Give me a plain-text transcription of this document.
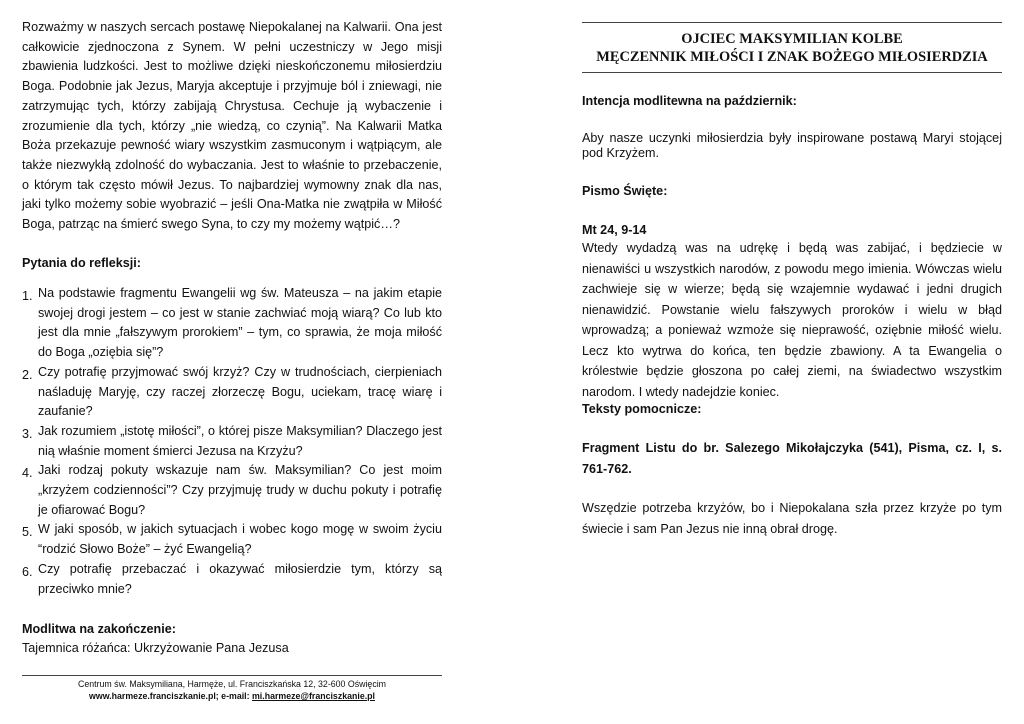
Rozważmy w naszych sercach postawę Niepokalanej na Kalwarii. Ona jest całkowicie zjednoczona z Synem. W pełni uczestniczy w Jego misji zbawienia ludzkości. Jest to możliwe dzięki nieskończonemu miłosierdziu Boga. Podobnie jak Jezus, Maryja akceptuje i przyjmuje ból i zniewagi, nie zatrzymując tych, którzy zabijają Chrystusa. Cechuje ją wybaczenie i zrozumienie dla tych, którzy „nie wiedzą, co czynią”. Na Kalwarii Matka Boża przekazuje pewność wiary wszystkim zasmuconym i wątpiącym, ale także niezwykłą zdolność do wybaczania. Jest to właśnie to przebaczenie, o którym tak często mówił Jezus. To najbardziej wymowny znak dla nas, jaki tylko możemy sobie wyobrazić – jeśli Ona-Matka nie zwątpiła w Miłość Boga, patrząc na śmierć swego Syna, to czy my możemy wątpić…?

Pytania do refleksji:

1. Na podstawie fragmentu Ewangelii wg św. Mateusza – na jakim etapie swojej drogi jestem – co jest w stanie zachwiać moją wiarą? Co lub kto jest dla mnie „fałszywym prorokiem” – tym, co sprawia, że moja miłość do Boga „oziębia się”?
2. Czy potrafię przyjmować swój krzyż? Czy w trudnościach, cierpieniach naśladuję Maryję, czy raczej złorzeczę Bogu, uciekam, tracę wiarę i zaufanie?
3. Jak rozumiem „istotę miłości”, o której pisze Maksymilian? Dlaczego jest nią właśnie moment śmierci Jezusa na Krzyżu?
4. Jaki rodzaj pokuty wskazuje nam św. Maksymilian? Co jest moim „krzyżem codzienności”? Czy przyjmuję trudy w duchu pokuty i potrafię je ofiarować Bogu?
5. W jaki sposób, w jakich sytuacjach i wobec kogo mogę w swoim życiu “rodzić Słowo Boże” – żyć Ewangelią?
6. Czy potrafię przebaczać i okazywać miłosierdzie tym, którzy są przeciwko mnie?

Modlitwa na zakończenie:

Tajemnica różańca: Ukrzyżowanie Pana Jezusa

Centrum św. Maksymiliana, Harmęże, ul. Franciszkańska 12, 32-600 Oświęcim
www.harmeze.franciszkanie.pl; e-mail: mi.harmeze@franciszkanie.pl
OJCIEC MAKSYMILIAN KOLBE
MĘCZENNIK MIŁOŚCI I ZNAK BOŻEGO MIŁOSIERDZIA

Intencja modlitewna na październik:

Aby nasze uczynki miłosierdzia były inspirowane postawą Maryi stojącej pod Krzyżem.

Pismo Święte:

Mt 24, 9-14

Wtedy wydadzą was na udrękę i będą was zabijać, i będziecie w nienawiści u wszystkich narodów, z powodu mego imienia. Wówczas wielu zachwieje się w wierze; będą się wzajemnie wydawać i jedni drugich nienawidzić. Powstanie wielu fałszywych proroków i wielu w błąd wprowadzą; a ponieważ wzmoże się nieprawość, oziębnie miłość wielu. Lecz kto wytrwa do końca, ten będzie zbawiony. A ta Ewangelia o królestwie będzie głoszona po całej ziemi, na świadectwo wszystkim narodom. I wtedy nadejdzie koniec.

Teksty pomocnicze:

Fragment Listu do br. Salezego Mikołajczyka (541), Pisma, cz. I, s. 761-762.

Wszędzie potrzeba krzyżów, bo i Niepokalana szła przez krzyże po tym świecie i sam Pan Jezus nie inną obrał drogę.
